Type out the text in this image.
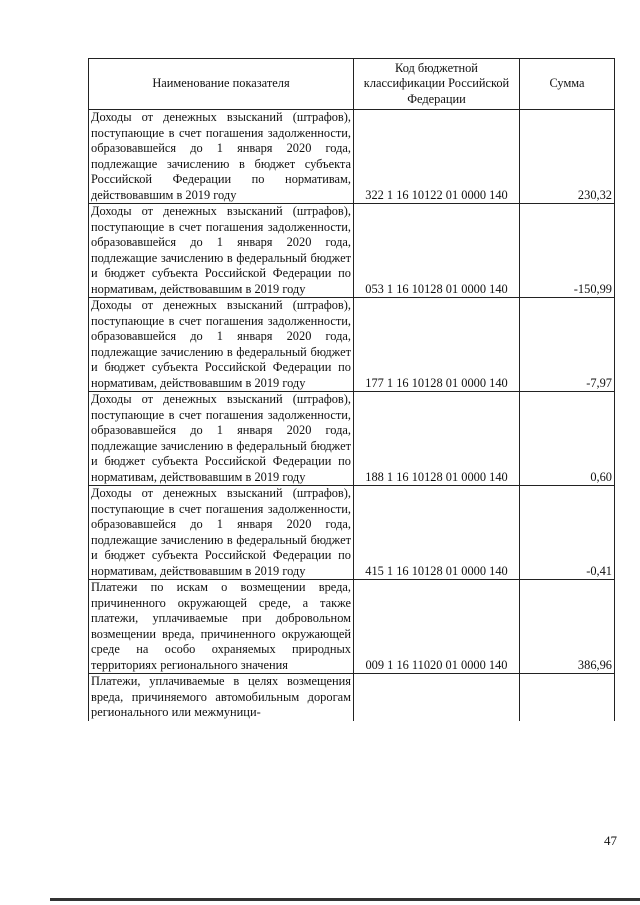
Наименование показателя	Код бюджетной классификации Российской Федерации	Сумма
Доходы от денежных взысканий (штрафов), поступающие в счет погашения задолженности, образовавшейся до 1 января 2020 года, подлежащие зачислению в бюджет субъекта Российской Федерации по нормативам, действовавшим в 2019 году	322 1 16 10122 01 0000 140	230,32
Доходы от денежных взысканий (штрафов), поступающие в счет погашения задолженности, образовавшейся до 1 января 2020 года, подлежащие зачислению в федеральный бюджет и бюджет субъекта Российской Федерации по нормативам, действовавшим в 2019 году	053 1 16 10128 01 0000 140	-150,99
Доходы от денежных взысканий (штрафов), поступающие в счет погашения задолженности, образовавшейся до 1 января 2020 года, подлежащие зачислению в федеральный бюджет и бюджет субъекта Российской Федерации по нормативам, действовавшим в 2019 году	177 1 16 10128 01 0000 140	-7,97
Доходы от денежных взысканий (штрафов), поступающие в счет погашения задолженности, образовавшейся до 1 января 2020 года, подлежащие зачислению в федеральный бюджет и бюджет субъекта Российской Федерации по нормативам, действовавшим в 2019 году	188 1 16 10128 01 0000 140	0,60
Доходы от денежных взысканий (штрафов), поступающие в счет погашения задолженности, образовавшейся до 1 января 2020 года, подлежащие зачислению в федеральный бюджет и бюджет субъекта Российской Федерации по нормативам, действовавшим в 2019 году	415 1 16 10128 01 0000 140	-0,41
Платежи по искам о возмещении вреда, причиненного окружающей среде, а также платежи, уплачиваемые при добровольном возмещении вреда, причиненного окружающей среде на особо охраняемых природных территориях регионального значения	009 1 16 11020 01 0000 140	386,96
Платежи, уплачиваемые в целях возмещения вреда, причиняемого автомобильным дорогам регионального или межмуници-		
47
